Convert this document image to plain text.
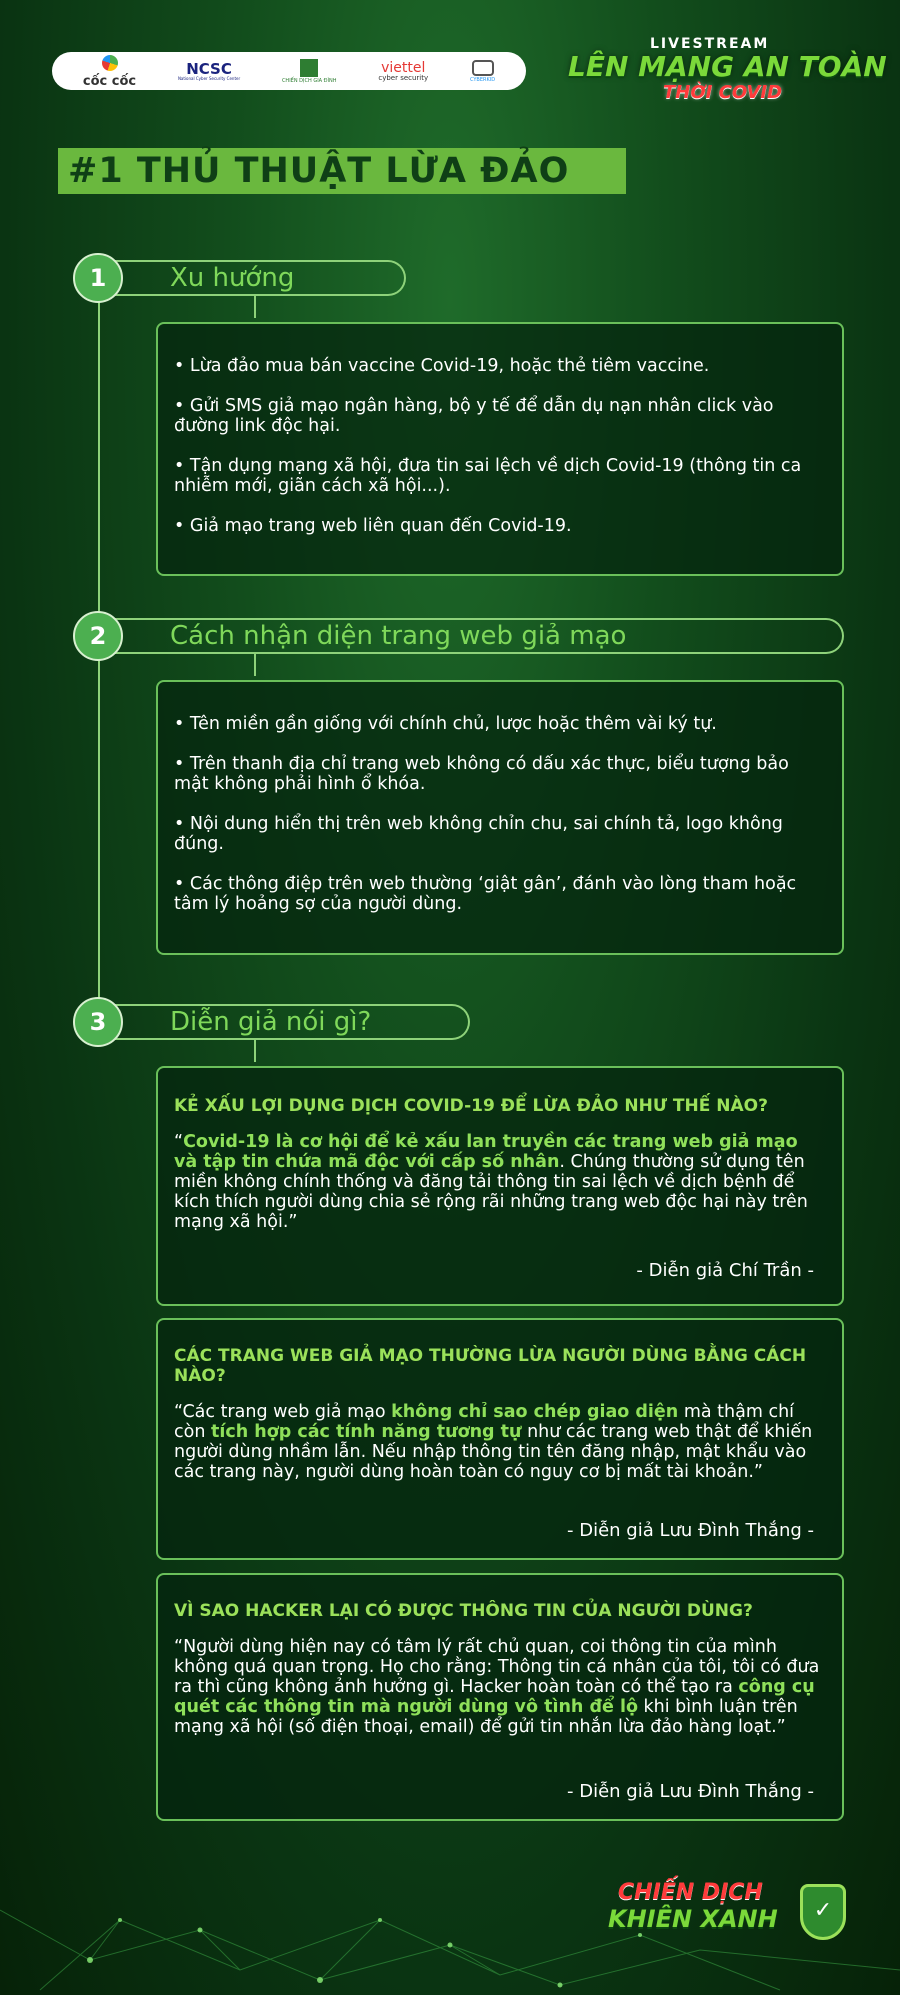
cốc cốc
NCSC
National Cyber Security Center	CHIẾN DỊCH GIA ĐÌNH
viettel
cyber security	CYBERKID
LIVESTREAM
LÊN MẠNG AN TOÀN
THỜI COVID
#1 THỦ THUẬT LỪA ĐẢO
Xu hướng
1

• Lừa đảo mua bán vaccine Covid-19, hoặc thẻ tiêm vaccine.

• Gửi SMS giả mạo ngân hàng, bộ y tế để dẫn dụ nạn nhân click vào đường link độc hại.

• Tận dụng mạng xã hội, đưa tin sai lệch về dịch Covid-19 (thông tin ca nhiễm mới, giãn cách xã hội...).

• Giả mạo trang web liên quan đến Covid-19.

Cách nhận diện trang web giả mạo
2

• Tên miền gần giống với chính chủ, lược hoặc thêm vài ký tự.

• Trên thanh địa chỉ trang web không có dấu xác thực, biểu tượng bảo mật không phải hình ổ khóa.

• Nội dung hiển thị trên web không chỉn chu, sai chính tả, logo không đúng.

• Các thông điệp trên web thường ‘giật gân’, đánh vào lòng tham hoặc tâm lý hoảng sợ của người dùng.

Diễn giả nói gì?
3

KẺ XẤU LỢI DỤNG DỊCH COVID-19 ĐỂ LỪA ĐẢO NHƯ THẾ NÀO?

“Covid-19 là cơ hội để kẻ xấu lan truyền các trang web giả mạo và tập tin chứa mã độc với cấp số nhân. Chúng thường sử dụng tên miền không chính thống và đăng tải thông tin sai lệch về dịch bệnh để kích thích người dùng chia sẻ rộng rãi những trang web độc hại này trên mạng xã hội.”

- Diễn giả Chí Trần -

CÁC TRANG WEB GIẢ MẠO THƯỜNG LỪA NGƯỜI DÙNG BẰNG CÁCH NÀO?

“Các trang web giả mạo không chỉ sao chép giao diện mà thậm chí còn tích hợp các tính năng tương tự như các trang web thật để khiến người dùng nhầm lẫn. Nếu nhập thông tin tên đăng nhập, mật khẩu vào các trang này, người dùng hoàn toàn có nguy cơ bị mất tài khoản.”

- Diễn giả Lưu Đình Thắng -

VÌ SAO HACKER LẠI CÓ ĐƯỢC THÔNG TIN CỦA NGƯỜI DÙNG?

“Người dùng hiện nay có tâm lý rất chủ quan, coi thông tin của mình không quá quan trọng. Họ cho rằng: Thông tin cá nhân của tôi, tôi có đưa ra thì cũng không ảnh hưởng gì. Hacker hoàn toàn có thể tạo ra công cụ quét các thông tin mà người dùng vô tình để lộ khi bình luận trên mạng xã hội (số điện thoại, email) để gửi tin nhắn lừa đảo hàng loạt.”

- Diễn giả Lưu Đình Thắng -
CHIẾN DỊCH
KHIÊN XANH	✓
